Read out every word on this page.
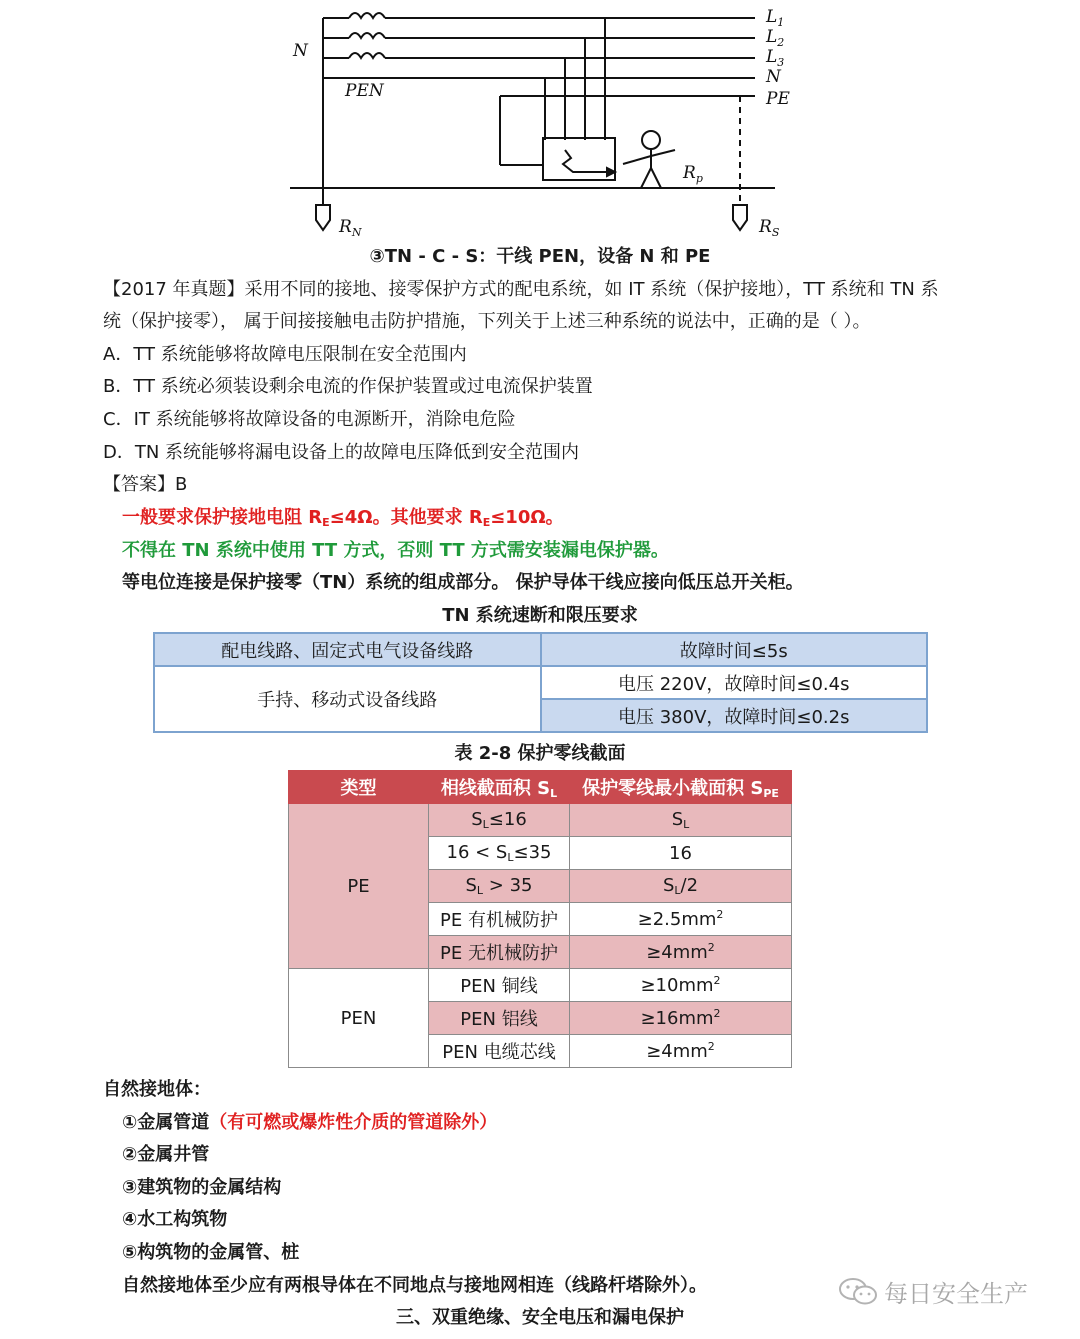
$L_1$
$L_2$
$L_3$
N
PE
N
PEN
$R_p$
$R_N$	$R_S$
③TN - C - S：干线 PEN，设备 N 和 PE
【2017 年真题】采用不同的接地、接零保护方式的配电系统，如 IT 系统（保护接地），TT 系统和 TN 系
统（保护接零）， 属于间接接触电击防护措施，下列关于上述三种系统的说法中，正确的是（ ）。
A．TT 系统能够将故障电压限制在安全范围内
B．TT 系统必须装设剩余电流的作保护装置或过电流保护装置
C．IT 系统能够将故障设备的电源断开，消除电危险
D．TN 系统能够将漏电设备上的故障电压降低到安全范围内
【答案】B
一般要求保护接地电阻 $R_E\le 4\Omega$。其他要求 $R_E\le 10\Omega$。
不得在 TN 系统中使用 TT 方式，否则 TT 方式需安装漏电保护器。
等电位连接是保护接零（TN）系统的组成部分。 保护导体干线应接向低压总开关柜。
TN 系统速断和限压要求
配电线路、固定式电气设备线路	故障时间≤5s
手持、移动式设备线路	电压 220V，故障时间≤0.4s
	电压 380V，故障时间≤0.2s
表 2-8 保护零线截面
类型	相线截面积 $S_L$	保护零线最小截面积 $S_{PE}$
PE	$S_L\le 16$	$S_L$
	$16 < S_L\le 35$	16
	$S_L > 35$	$S_L/2$
	PE 有机械防护	$\ge 2.5mm^2$
	PE 无机械防护	$\ge 4mm^2$
PEN	PEN 铜线	$\ge 10mm^2$
	PEN 铝线	$\ge 16mm^2$
	PEN 电缆芯线	$\ge 4mm^2$
自然接地体：
①金属管道（有可燃或爆炸性介质的管道除外）
②金属井管
③建筑物的金属结构
④水工构筑物
⑤构筑物的金属管、桩
自然接地体至少应有两根导体在不同地点与接地网相连（线路杆塔除外）。
三、双重绝缘、安全电压和漏电保护
每日安全生产
